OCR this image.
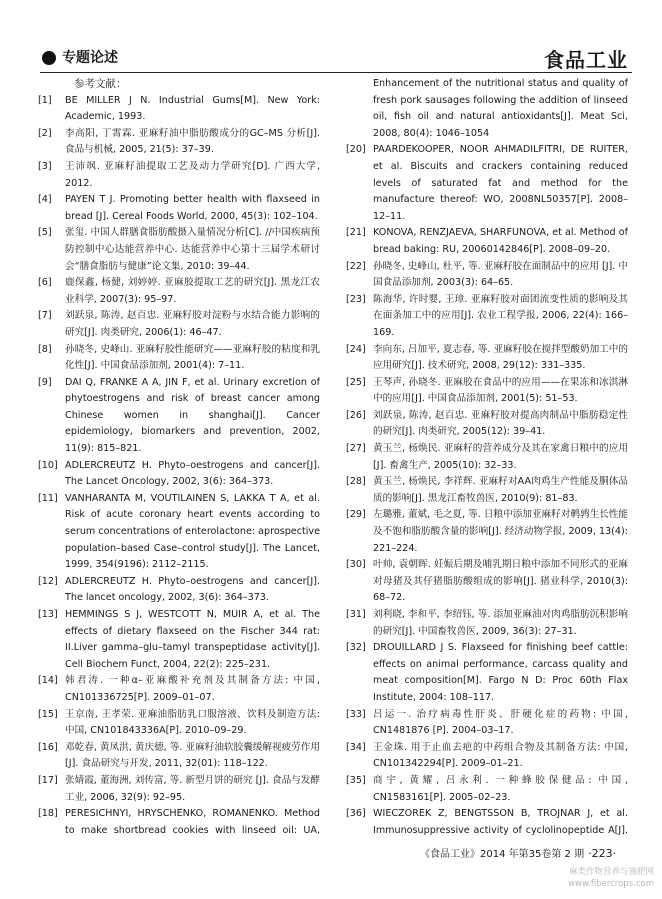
专题论述	食品工业
参考文献：
[1] BE MILLER J N. Industrial Gums[M]. New York: Academic, 1993.
[2] 李高阳, 丁霄霖. 亚麻籽油中脂肪酸成分的GC–MS 分析[J]. 食品与机械, 2005, 21(5): 37–39.
[3] 王沛飒. 亚麻籽油提取工艺及动力学研究[D]. 广西大学, 2012.
[4] PAYEN T J. Promoting better health with flaxseed in bread [J]. Cereal Foods World, 2000, 45(3): 102–104.
[5] 张玺. 中国人群膳食脂肪酸摄入量情况分析[C]. //中国疾病预防控制中心达能营养中心. 达能营养中心第十三届学术研讨会“膳食脂肪与健康”论文集, 2010: 39–44.
[6] 鹿保鑫, 杨健, 刘婷婷. 亚麻胶提取工艺的研究[J]. 黑龙江农业科学, 2007(3): 95–97.
[7] 刘跃泉, 陈涛, 赵百忠. 亚麻籽胶对淀粉与水结合能力影响的研究[J]. 肉类研究, 2006(1): 46–47.
[8] 孙晓冬, 史峰山. 亚麻籽胶性能研究——亚麻籽胶的粘度和乳化性[J]. 中国食品添加剂, 2001(4): 7–11.
[9] DAI Q, FRANKE A A, JIN F, et al. Urinary excretion of phytoestrogens and risk of breast cancer among Chinese women in shanghai[J]. Cancer epidemiology, biomarkers and prevention, 2002, 11(9): 815–821.
[10] ADLERCREUTZ H. Phyto–oestrogens and cancer[J]. The Lancet Oncology, 2002, 3(6): 364–373.
[11] VANHARANTA M, VOUTILAINEN S, LAKKA T A, et al. Risk of acute coronary heart events according to serum concentrations of enterolactone: aprospective population–based Case–control study[J]. The Lancet, 1999, 354(9196): 2112–2115.
[12] ADLERCREUTZ H. Phyto–oestrogens and cancer[J]. The lancet oncology, 2002, 3(6): 364–373.
[13] HEMMINGS S J, WESTCOTT N, MUIR A, et al. The effects of dietary flaxseed on the Fischer 344 rat: II.Liver gamma–glu–tamyl transpeptidase activity[J]. Cell Biochem Funct, 2004, 22(2): 225–231.
[14] 韩君涛. 一种α–亚麻酸补充剂及其制备方法: 中国, CN101336725[P]. 2009–01–07.
[15] 王京南, 王孝荣. 亚麻油脂肪乳口服溶液、饮料及制造方法: 中国, CN101843336A[P]. 2010–09–29.
[16] 邓乾春, 黄凤洪, 黄庆德, 等. 亚麻籽油软胶囊缓解视疲劳作用[J]. 食品研究与开发, 2011, 32(01): 118–122.
[17] 张婧霞, 董海洲, 刘传富, 等. 新型月饼的研究 [J]. 食品与发酵工业, 2006, 32(9): 92–95.
[18] PERESICHNYI, HRYSCHENKO, ROMANENKO. Method to make shortbread cookies with linseed oil: UA,
Enhancement of the nutritional status and quality of fresh pork sausages following the addition of linseed oil, fish oil and natural antioxidants[J]. Meat Sci, 2008, 80(4): 1046–1054
[20] PAARDEKOOPER, NOOR AHMADILFITRI, DE RUITER, et al. Biscuits and crackers containing reduced levels of saturated fat and method for the manufacture thereof: WO, 2008NL50357[P]. 2008–12–11.
[21] KONOVA, RENZJAEVA, SHARFUNOVA, et al. Method of bread baking: RU, 20060142846[P]. 2008–09–20.
[22] 孙晓冬, 史峰山, 杜平, 等. 亚麻籽胶在面制品中的应用 [J]. 中国食品添加剂, 2003(3): 64–65.
[23] 陈海华, 许时婴, 王璋. 亚麻籽胶对面团流变性质的影响及其在面条加工中的应用[J]. 农业工程学报, 2006, 22(4): 166–169.
[24] 李向东, 吕加平, 夏志春, 等. 亚麻籽胶在搅拌型酸奶加工中的应用研究[J]. 技术研究, 2008, 29(12): 331–335.
[25] 王琴声, 孙晓冬. 亚麻胶在食品中的应用——在果冻和冰淇淋中的应用[J]. 中国食品添加剂, 2001(5): 51–53.
[26] 刘跃泉, 陈涛, 赵百忠. 亚麻籽胶对提高肉制品中脂肪稳定性的研究[J]. 肉类研究, 2005(12): 39–41.
[27] 黄玉兰, 杨焕民. 亚麻籽的营养成分及其在家禽日粮中的应用[J]. 畜禽生产, 2005(10): 32–33.
[28] 黄玉兰, 杨焕民, 李祥辉. 亚麻籽对AA肉鸡生产性能及胴体品质的影响[J]. 黑龙江畜牧兽医, 2010(9): 81–83.
[29] 左璐雅, 董斌, 毛之夏, 等. 日粮中添加亚麻籽对鹌鹑生长性能及不饱和脂肪酸含量的影响[J]. 经济动物学报, 2009, 13(4): 221–224.
[30] 叶帅, 袁朝晖. 妊娠后期及哺乳期日粮中添加不同形式的亚麻对母猪及其仔猪脂肪酸组成的影响[J]. 猪业科学, 2010(3): 68–72.
[31] 刘利晓, 李和平, 李绍钰, 等. 添加亚麻油对肉鸡脂肪沉积影响的研究[J]. 中国畜牧兽医, 2009, 36(3): 27–31.
[32] DROUILLARD J S. Flaxseed for finishing beef cattle: effects on animal performance, carcass quality and meat composition[M]. Fargo N D: Proc 60th Flax Institute, 2004: 108–117.
[33] 吕运一. 治疗病毒性肝炎、肝硬化症的药物: 中国, CN1481876 [P]. 2004–03–17.
[34] 王金珠. 用于止血去疤的中药组合物及其制备方法: 中国, CN101342294[P]. 2009–01–21.
[35] 商宇, 黄耀, 吕永利. 一种蜂胶保健品: 中国, CN1583161[P]. 2005–02–23.
[36] WIECZOREK Z, BENGTSSON B, TROJNAR J, et al. Immunosuppressive activity of cyclolinopeptide A[J].
《食品工业》2014 年第35卷第 2 期 ·223·
麻类作物营养与施肥网
www.fibercrops.com
